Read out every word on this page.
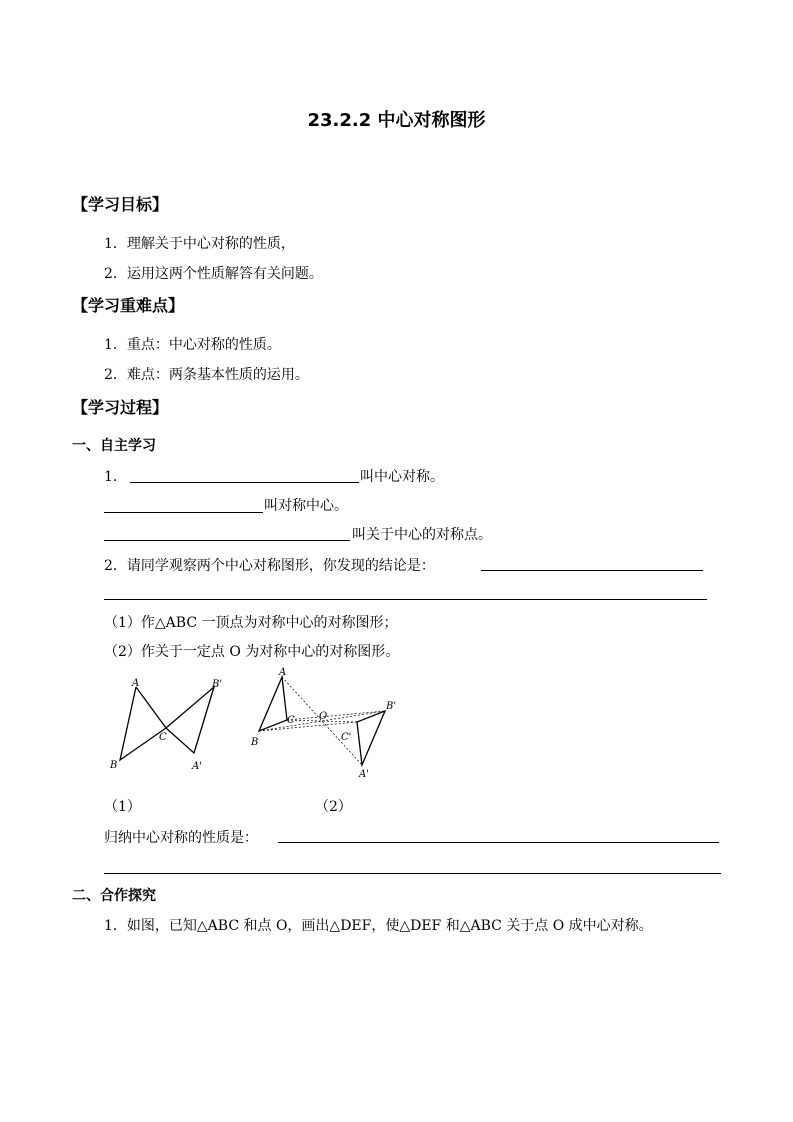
23.2.2 中心对称图形
【学习目标】
1．理解关于中心对称的性质，
2．运用这两个性质解答有关问题。
【学习重难点】
1．重点：中心对称的性质。
2．难点：两条基本性质的运用。
【学习过程】
一、自主学习
1．	叫中心对称。
叫对称中心。
叫关于中心的对称点。
2．请同学观察两个中心对称图形，你发现的结论是：
（1）作△ABC 一顶点为对称中心的对称图形；
（2）作关于一定点 O 为对称中心的对称图形。
A	B'
C
B	A'
A
C O
B'
B	C'
A'
（1）	（2）
归纳中心对称的性质是：
二、合作探究
1．如图，已知△ABC 和点 O，画出△DEF，使△DEF 和△ABC 关于点 O 成中心对称。
